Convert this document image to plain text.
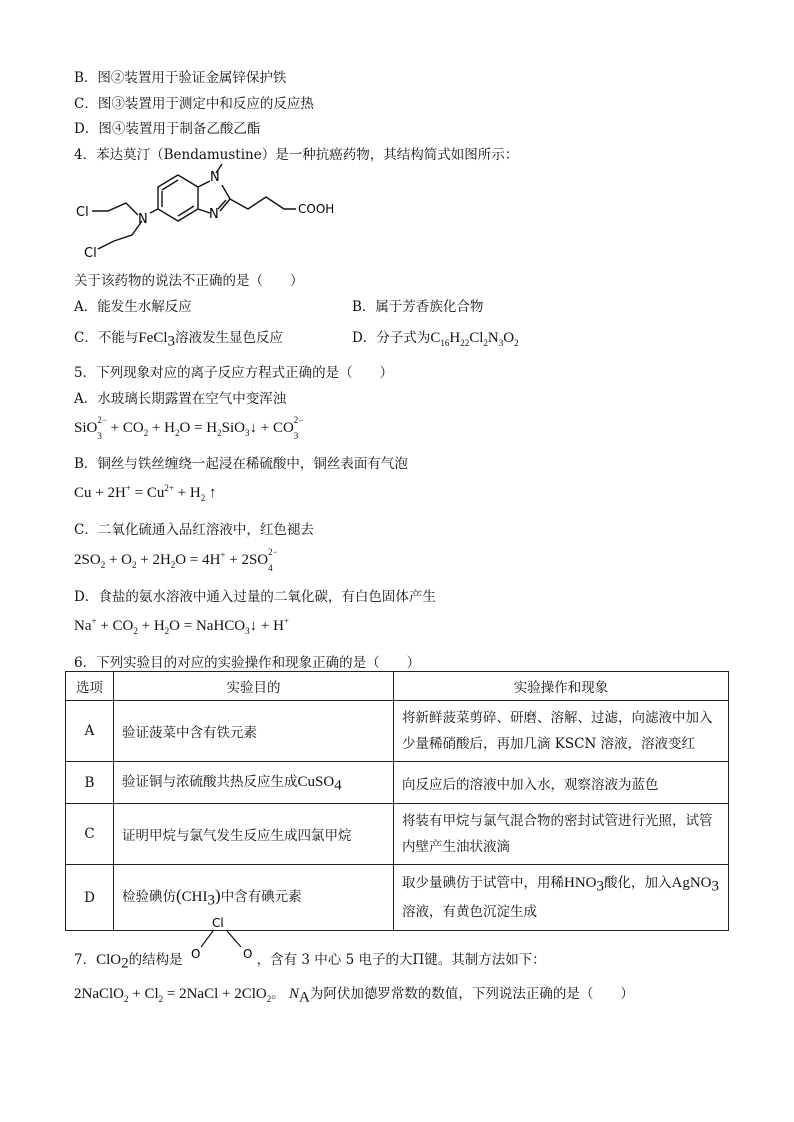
B．图②装置用于验证金属锌保护铁
C．图③装置用于测定中和反应的反应热
D．图④装置用于制备乙酸乙酯
4．苯达莫汀（Bendamustine）是一种抗癌药物，其结构简式如图所示：
N
N
N
COOH
Cl
Cl
关于该药物的说法不正确的是（　　）
A．能发生水解反应	B．属于芳香族化合物
C．不能与FeCl$_3$溶液发生显色反应	D．分子式为$C_{16}H_{22}Cl_2N_3O_2$
5．下列现象对应的离子反应方程式正确的是（　　）
A．水玻璃长期露置在空气中变浑浊
SiO$^{2-}$
$_3 + CO_2 + H_2O$ = $H_2SiO_3↓ + CO^{2-}$
$_3$
B．铜丝与铁丝缠绕一起浸在稀硫酸中，铜丝表面有气泡
$Cu + 2H^+ = Cu^{2+} + H_2$ ↑
C．二氧化硫通入品红溶液中，红色褪去
$2SO_2 + O_2 + 2H_2O = 4H^+ + 2SO^{2-}$
$_4$
D．食盐的氨水溶液中通入过量的二氧化碳，有白色固体产生
$Na^+ + CO_2 + H_2O$ = NaHCO$_3$↓ + H+
6．下列实验目的对应的实验操作和现象正确的是（　　）
选项	实验目的	实验操作和现象
A	验证菠菜中含有铁元素	将新鲜菠菜剪碎、研磨、溶解、过滤，向滤液中加入
少量稀硝酸后，再加几滴 KSCN 溶液，溶液变红
B	验证铜与浓硫酸共热反应生成CuSO$_4$	向反应后的溶液中加入水，观察溶液为蓝色
C	证明甲烷与氯气发生反应生成四氯甲烷	将装有甲烷与氯气混合物的密封试管进行光照，试管
内壁产生油状液滴
D	检验碘仿$(CHI_3)$中含有碘元素	取少量碘仿于试管中，用稀$HNO_3$酸化，加入AgNO$_3$
溶液，有黄色沉淀生成
7．ClO$_2$的结构是	，含有 3 中心 5 电子的大Π键。其制方法如下：
Cl
O	O
2NaClO$_2$ + $Cl_2$ = 2NaCl + 2ClO$_2$。 $N_A$为阿伏加德罗常数的数值，下列说法正确的是（　　）
